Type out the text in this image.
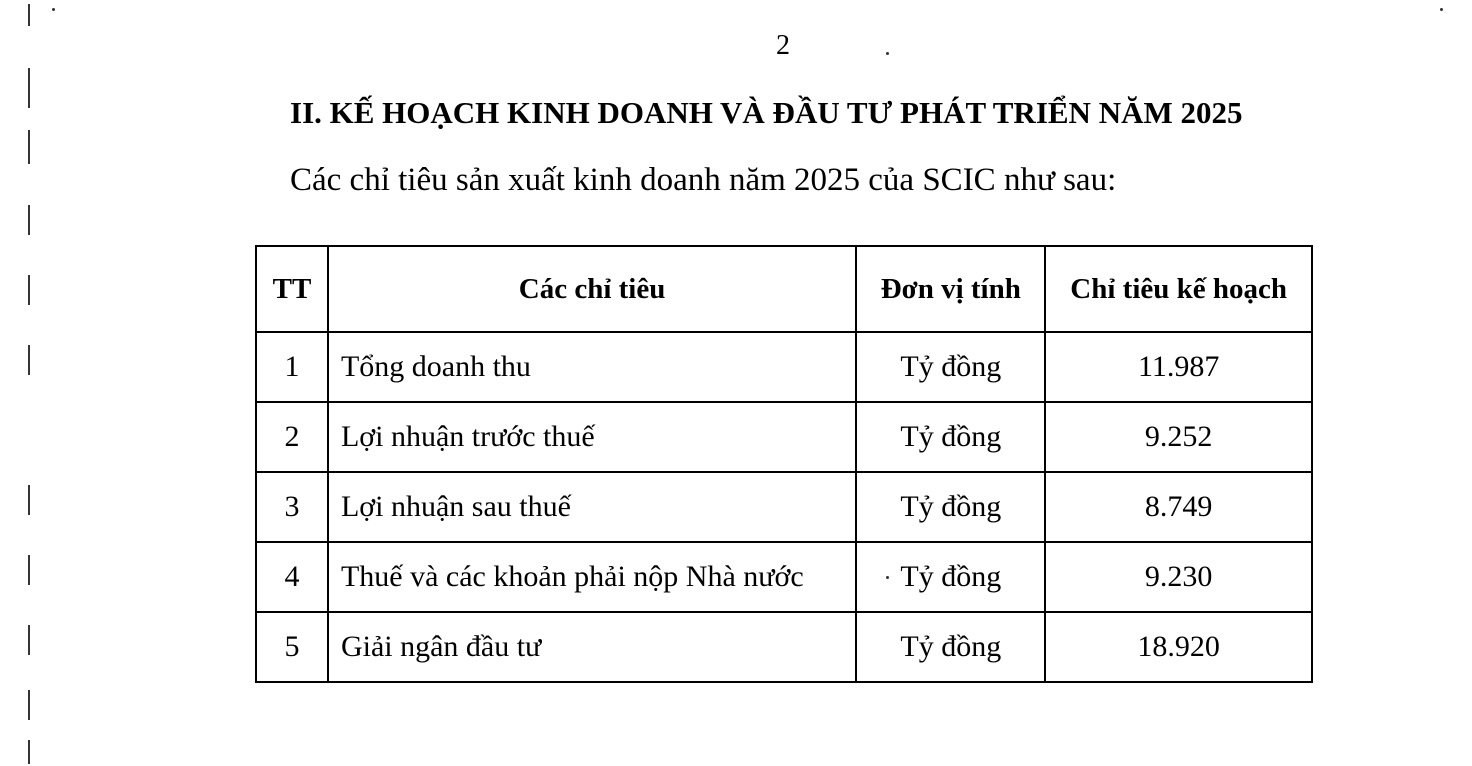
2
II. KẾ HOẠCH KINH DOANH VÀ ĐẦU TƯ PHÁT TRIỂN NĂM 2025
Các chỉ tiêu sản xuất kinh doanh năm 2025 của SCIC như sau:
TT	Các chỉ tiêu	Đơn vị tính	Chỉ tiêu kế hoạch
1	Tổng doanh thu	Tỷ đồng	11.987
2	Lợi nhuận trước thuế	Tỷ đồng	9.252
3	Lợi nhuận sau thuế	Tỷ đồng	8.749
4	Thuế và các khoản phải nộp Nhà nước	Tỷ đồng	9.230
5	Giải ngân đầu tư	Tỷ đồng	18.920
